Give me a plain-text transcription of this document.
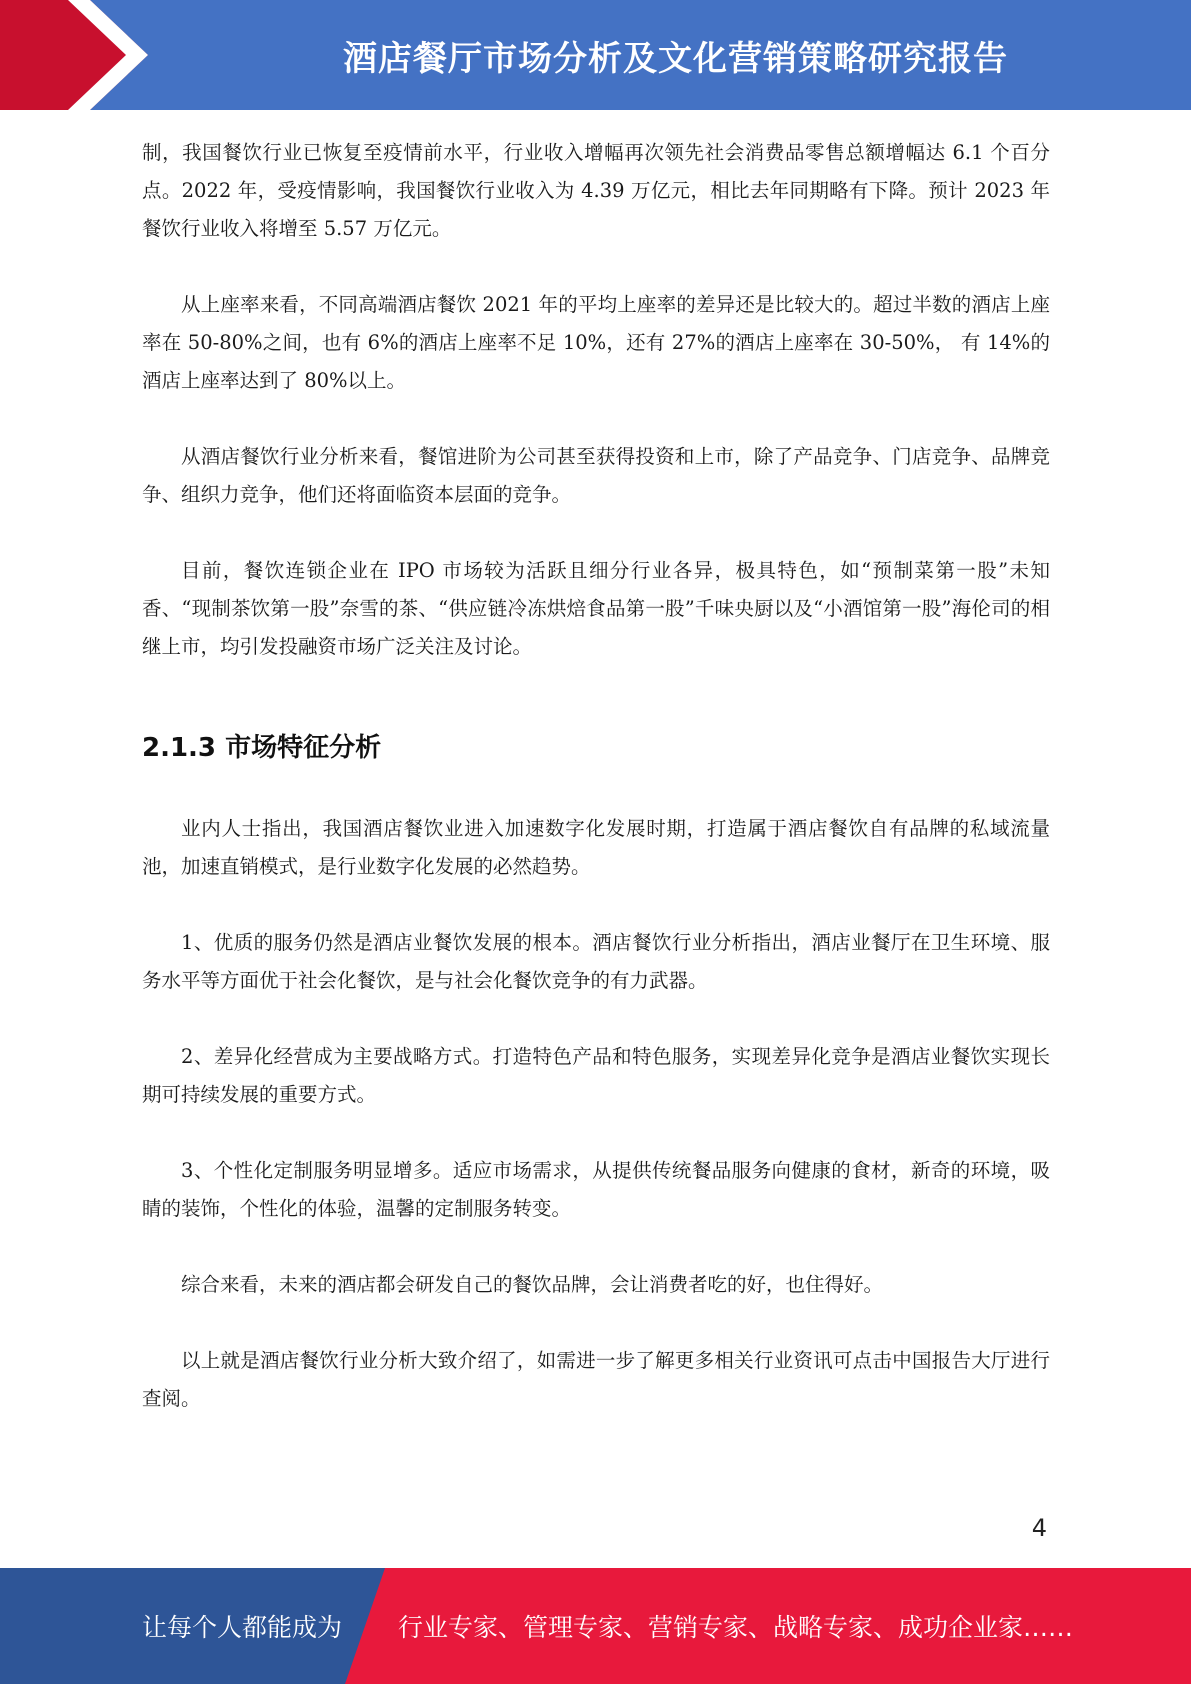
酒店餐厅市场分析及文化营销策略研究报告

制，我国餐饮行业已恢复至疫情前水平，行业收入增幅再次领先社会消费品零售总额增幅达 6.1 个百分点。2022 年，受疫情影响，我国餐饮行业收入为 4.39 万亿元，相比去年同期略有下降。预计 2023 年餐饮行业收入将增至 5.57 万亿元。

从上座率来看，不同高端酒店餐饮 2021 年的平均上座率的差异还是比较大的。超过半数的酒店上座率在 50-80%之间，也有 6%的酒店上座率不足 10%，还有 27%的酒店上座率在 30-50%， 有 14%的酒店上座率达到了 80%以上。

从酒店餐饮行业分析来看，餐馆进阶为公司甚至获得投资和上市，除了产品竞争、门店竞争、品牌竞争、组织力竞争，他们还将面临资本层面的竞争。

目前，餐饮连锁企业在 IPO 市场较为活跃且细分行业各异，极具特色，如“预制菜第一股”未知香、“现制茶饮第一股”奈雪的茶、“供应链冷冻烘焙食品第一股”千味央厨以及“小酒馆第一股”海伦司的相继上市，均引发投融资市场广泛关注及讨论。

2.1.3 市场特征分析

业内人士指出，我国酒店餐饮业进入加速数字化发展时期，打造属于酒店餐饮自有品牌的私域流量池，加速直销模式，是行业数字化发展的必然趋势。

1、优质的服务仍然是酒店业餐饮发展的根本。酒店餐饮行业分析指出，酒店业餐厅在卫生环境、服务水平等方面优于社会化餐饮，是与社会化餐饮竞争的有力武器。

2、差异化经营成为主要战略方式。打造特色产品和特色服务，实现差异化竞争是酒店业餐饮实现长期可持续发展的重要方式。

3、个性化定制服务明显增多。适应市场需求，从提供传统餐品服务向健康的食材，新奇的环境，吸睛的装饰，个性化的体验，温馨的定制服务转变。

综合来看，未来的酒店都会研发自己的餐饮品牌，会让消费者吃的好，也住得好。

以上就是酒店餐饮行业分析大致介绍了，如需进一步了解更多相关行业资讯可点击中国报告大厅进行查阅。

4
让每个人都能成为 行业专家、管理专家、营销专家、战略专家、成功企业家……
